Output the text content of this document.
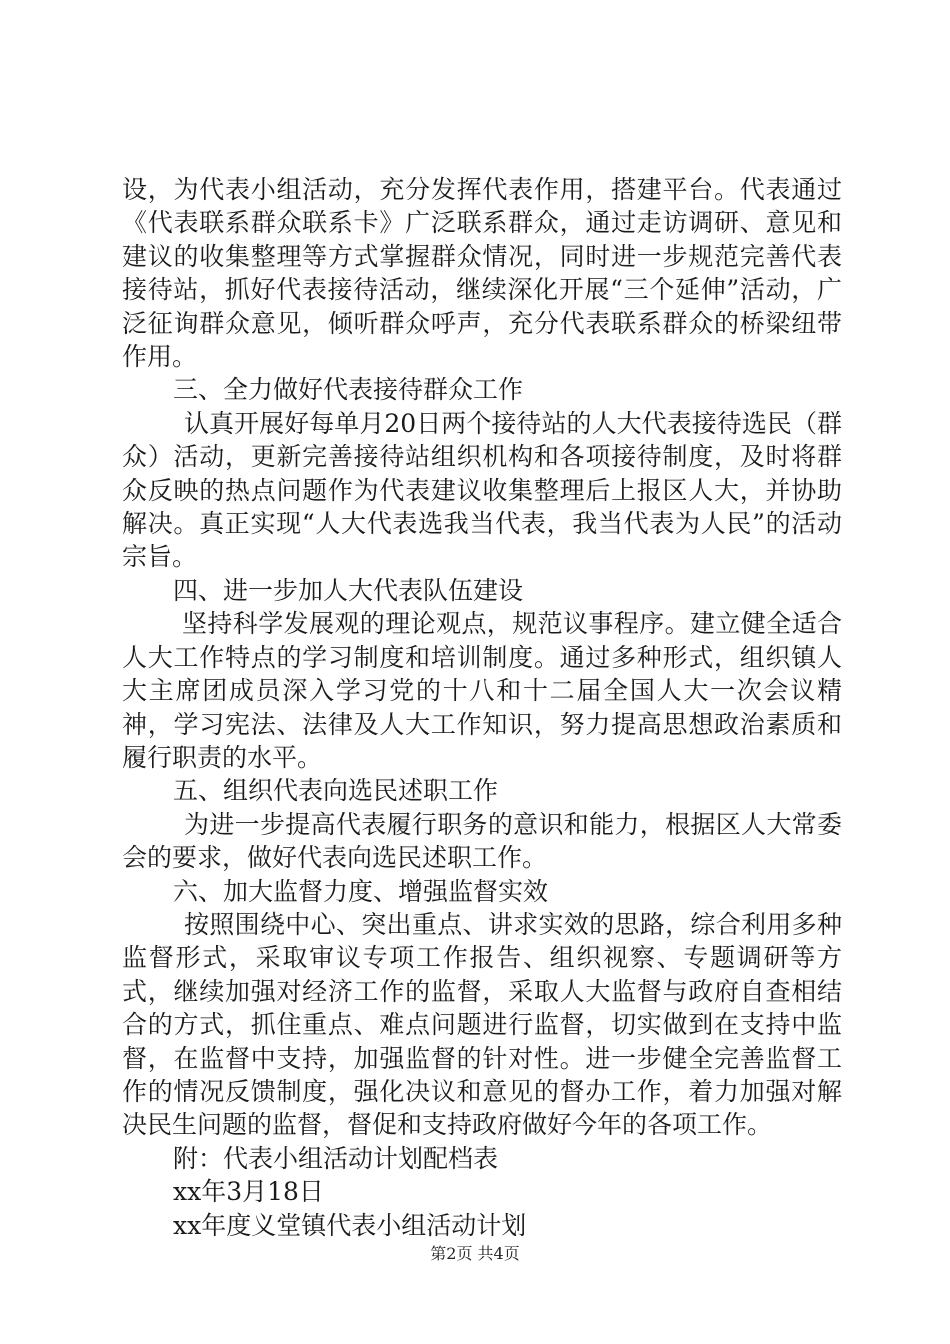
设，为代表小组活动，充分发挥代表作用，搭建平台。代表通过《代表联系群众联系卡》广泛联系群众，通过走访调研、意见和建议的收集整理等方式掌握群众情况，同时进一步规范完善代表接待站，抓好代表接待活动，继续深化开展“三个延伸”活动，广泛征询群众意见，倾听群众呼声，充分代表联系群众的桥梁纽带作用。

三、全力做好代表接待群众工作

认真开展好每单月20日两个接待站的人大代表接待选民（群众）活动，更新完善接待站组织机构和各项接待制度，及时将群众反映的热点问题作为代表建议收集整理后上报区人大，并协助解决。真正实现“人大代表选我当代表，我当代表为人民”的活动宗旨。

四、进一步加人大代表队伍建设

坚持科学发展观的理论观点，规范议事程序。建立健全适合人大工作特点的学习制度和培训制度。通过多种形式，组织镇人大主席团成员深入学习党的十八和十二届全国人大一次会议精神，学习宪法、法律及人大工作知识，努力提高思想政治素质和履行职责的水平。

五、组织代表向选民述职工作

为进一步提高代表履行职务的意识和能力，根据区人大常委会的要求，做好代表向选民述职工作。

六、加大监督力度、增强监督实效

按照围绕中心、突出重点、讲求实效的思路，综合利用多种监督形式，采取审议专项工作报告、组织视察、专题调研等方式，继续加强对经济工作的监督，采取人大监督与政府自查相结合的方式，抓住重点、难点问题进行监督，切实做到在支持中监督，在监督中支持，加强监督的针对性。进一步健全完善监督工作的情况反馈制度，强化决议和意见的督办工作，着力加强对解决民生问题的监督，督促和支持政府做好今年的各项工作。

附：代表小组活动计划配档表

xx年3月18日

xx年度义堂镇代表小组活动计划

第2页 共4页
